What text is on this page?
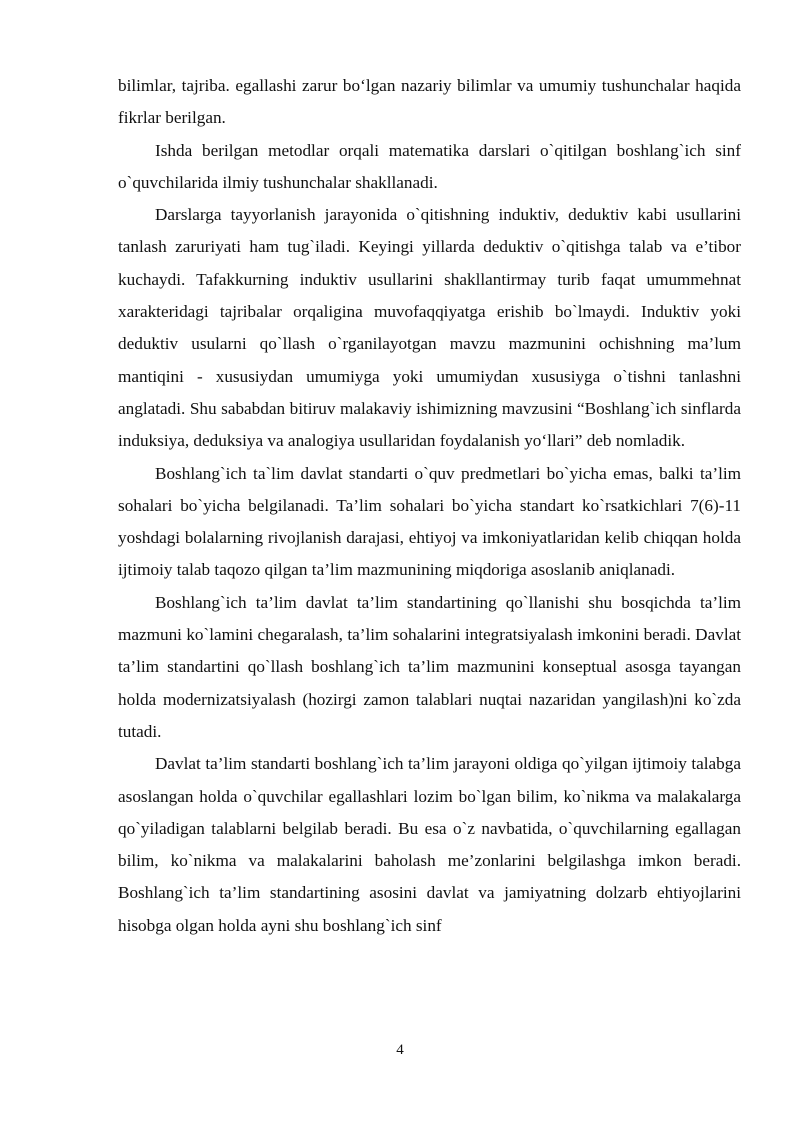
bilimlar, tajriba. egallashi zarur bo‘lgan nazariy bilimlar va umumiy tushunchalar haqida fikrlar berilgan.

Ishda berilgan metodlar orqali matematika darslari o`qitilgan boshlang`ich sinf o`quvchilarida ilmiy tushunchalar shakllanadi.

Darslarga tayyorlanish jarayonida o`qitishning induktiv, deduktiv kabi usullarini tanlash zaruriyati ham tug`iladi. Keyingi yillarda deduktiv o`qitishga talab va e’tibor kuchaydi. Tafakkurning induktiv usullarini shakllantirmay turib faqat umummehnat xarakteridagi tajribalar orqaligina muvofaqqiyatga erishib bo`lmaydi. Induktiv yoki deduktiv usularni qo`llash o`rganilayotgan mavzu mazmunini ochishning ma’lum mantiqini - xususiydan umumiyga yoki umumiydan xususiyga o`tishni tanlashni anglatadi. Shu sababdan bitiruv malakaviy ishimizning mavzusini “Boshlang`ich sinflarda induksiya, deduksiya va analogiya usullaridan foydalanish yo‘llari” deb nomladik.

Boshlang`ich ta`lim davlat standarti o`quv predmetlari bo`yicha emas, balki ta’lim sohalari bo`yicha belgilanadi. Ta’lim sohalari bo`yicha standart ko`rsatkichlari 7(6)-11 yoshdagi bolalarning rivojlanish darajasi, ehtiyoj va imkoniyatlaridan kelib chiqqan holda ijtimoiy talab taqozo qilgan ta’lim mazmunining miqdoriga asoslanib aniqlanadi.

Boshlang`ich ta’lim davlat ta’lim standartining qo`llanishi shu bosqichda ta’lim mazmuni ko`lamini chegaralash, ta’lim sohalarini integratsiyalash imkonini beradi. Davlat ta’lim standartini qo`llash boshlang`ich ta’lim mazmunini konseptual asosga tayangan holda modernizatsiyalash (hozirgi zamon talablari nuqtai nazaridan yangilash)ni ko`zda tutadi.

Davlat ta’lim standarti boshlang`ich ta’lim jarayoni oldiga qo`yilgan ijtimoiy talabga asoslangan holda o`quvchilar egallashlari lozim bo`lgan bilim, ko`nikma va malakalarga qo`yiladigan talablarni belgilab beradi. Bu esa o`z navbatida, o`quvchilarning egallagan bilim, ko`nikma va malakalarini baholash me’zonlarini belgilashga imkon beradi. Boshlang`ich ta’lim standartining asosini davlat va jamiyatning dolzarb ehtiyojlarini hisobga olgan holda ayni shu boshlang`ich sinf

4
